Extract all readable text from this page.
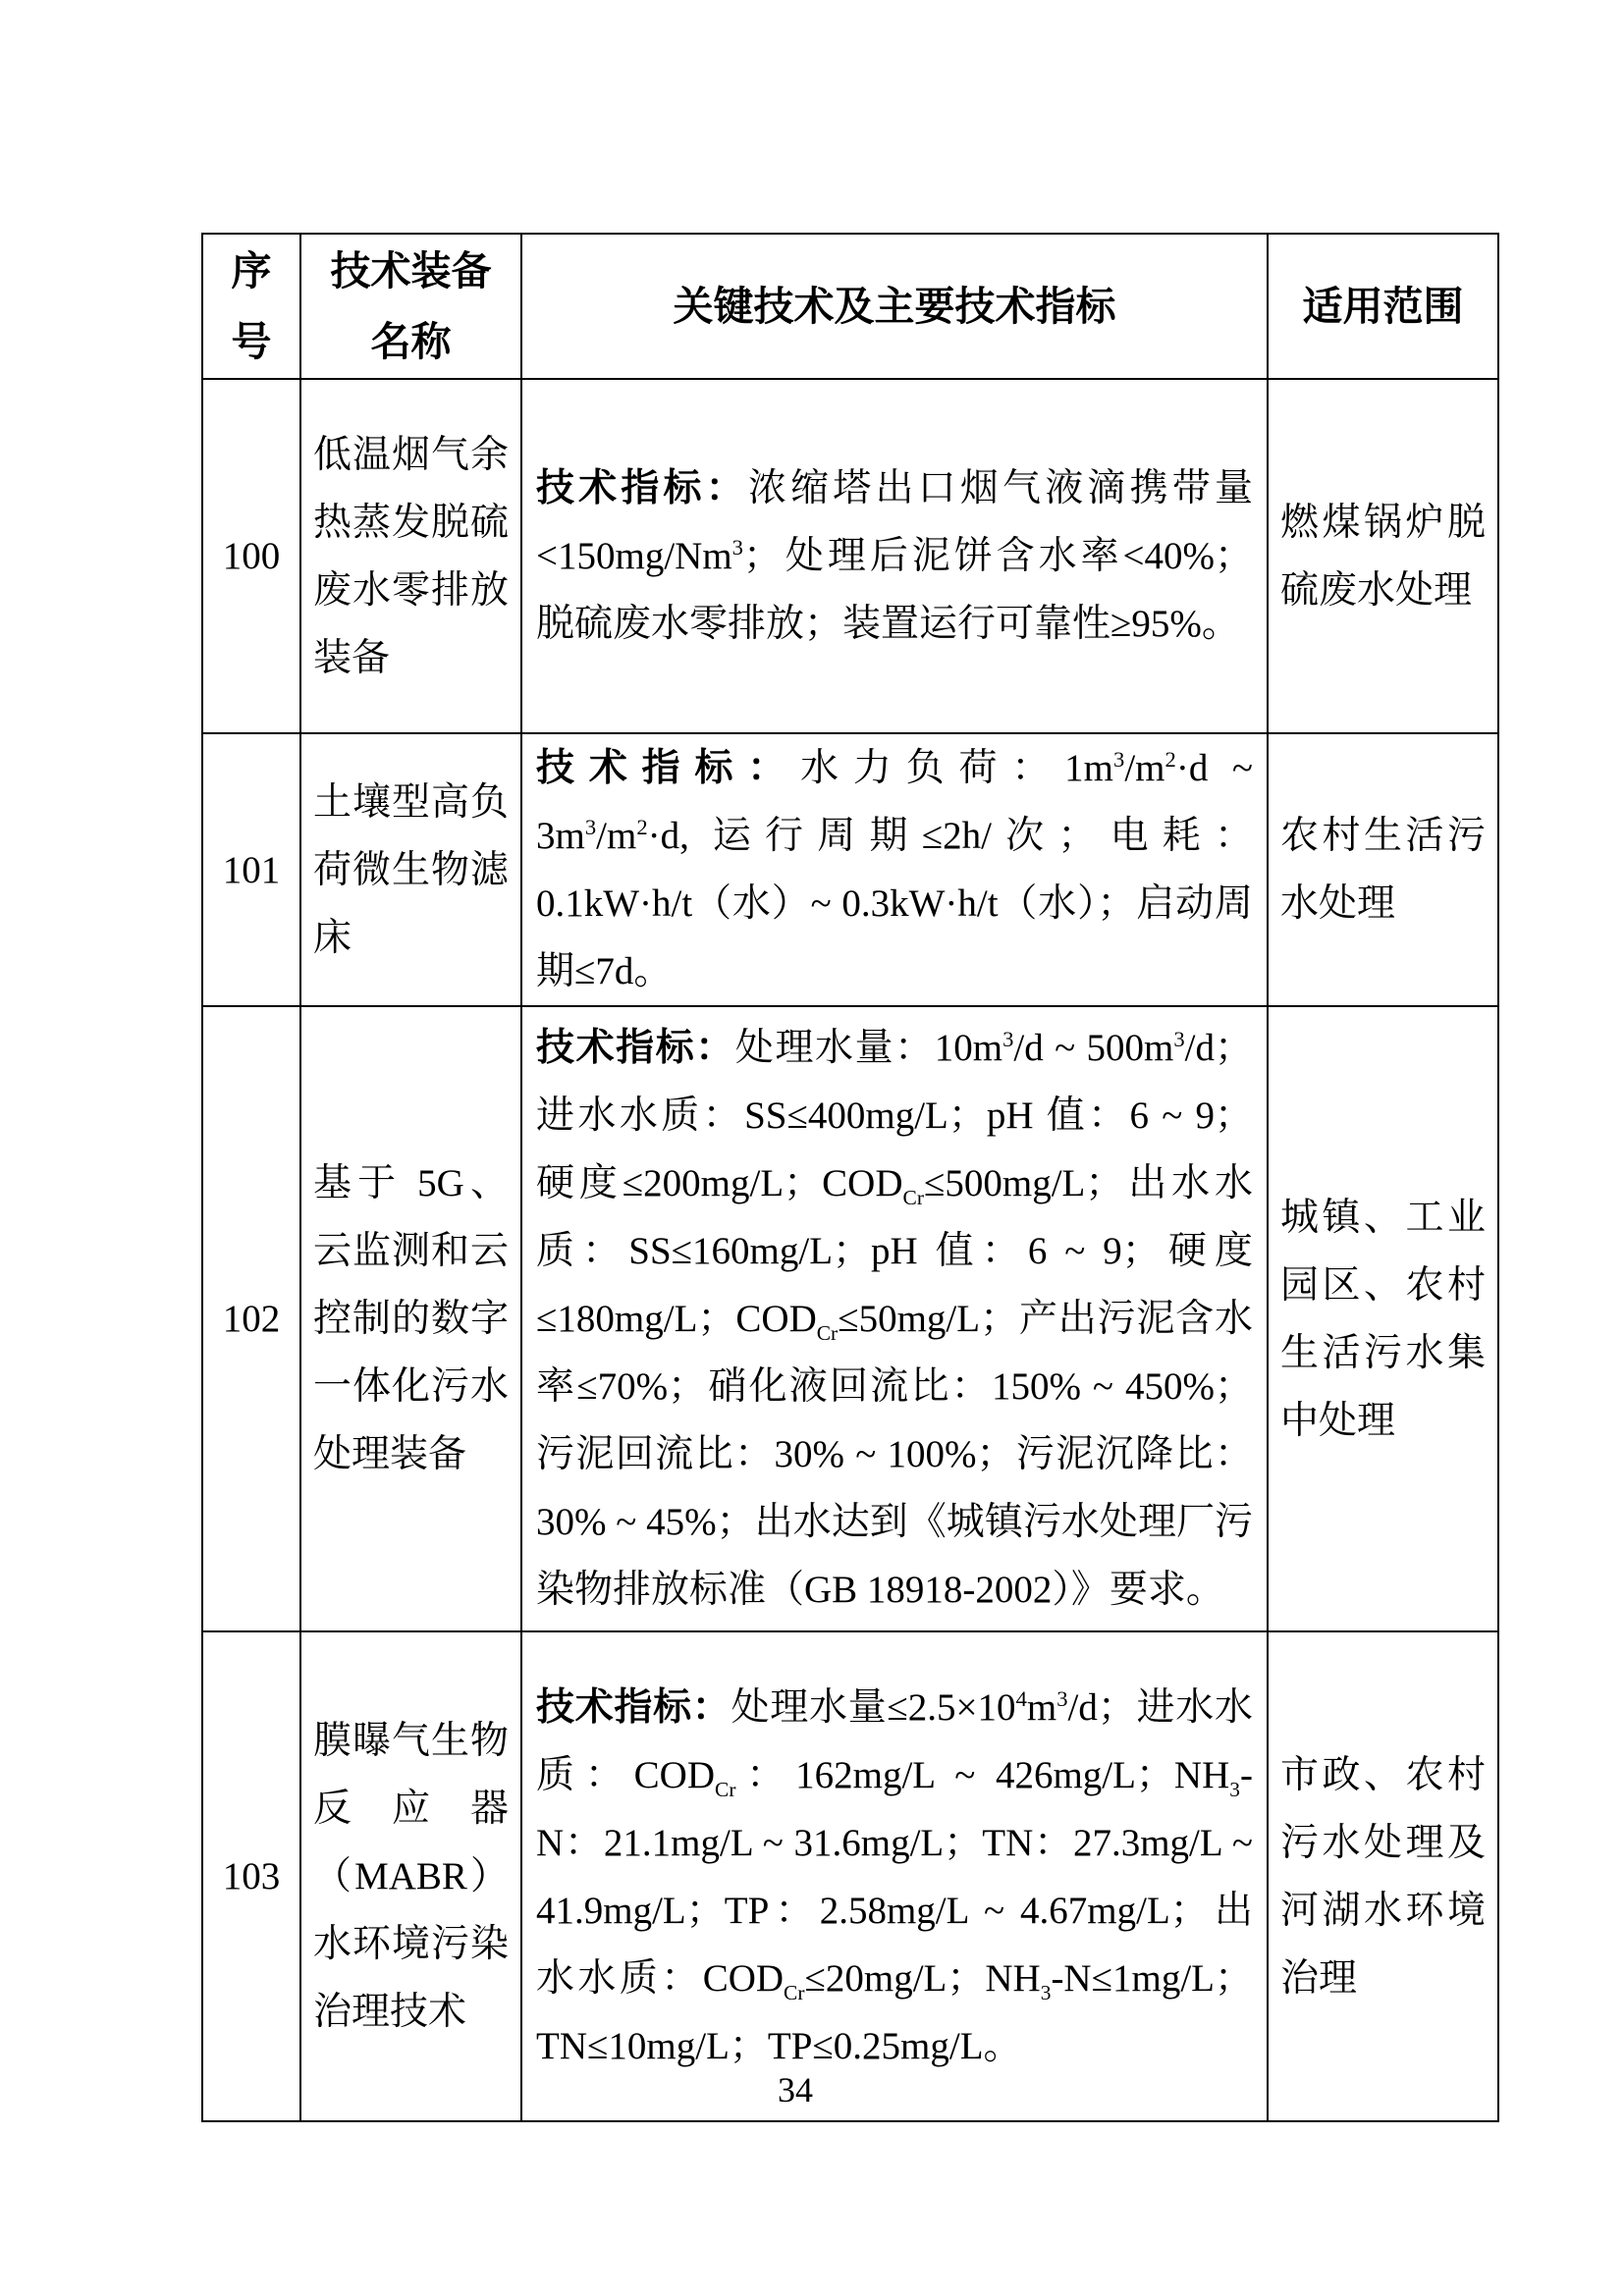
序号	技术装备名称	关键技术及主要技术指标	适用范围
100	低温烟气余热蒸发脱硫废水零排放装备	技术指标：浓缩塔出口烟气液滴携带量$<150mg/Nm^3$；处理后泥饼含水率<40%；脱硫废水零排放；装置运行可靠性≥95%。	燃煤锅炉脱硫废水处理
101	土壤型高负荷微生物滤床	技术指标：水力负荷：$1m^3/m^2\cdot d$ ~ $3m^3/m^2\cdot d$, 运行周期≤2h/次；电耗：0.1kW·h/t（水）~ 0.3kW·h/t（水）；启动周期≤7d。	农村生活污水处理
102	基于 5G、云监测和云控制的数字一体化污水处理装备	技术指标：处理水量：$10m^3/d$ ~ $500m^3/d$；进水水质：SS≤400mg/L；pH 值：6 ~ 9；硬度≤200mg/L；$COD_{Cr}\le 500mg/L$；出水水质：SS≤160mg/L；pH 值：6 ~ 9；硬度≤180mg/L；$COD_{Cr}\le 50mg/L$；产出污泥含水率≤70%；硝化液回流比：150% ~ 450%；污泥回流比：30% ~ 100%；污泥沉降比：30% ~ 45%；出水达到《城镇污水处理厂污染物排放标准（GB 18918-2002）》要求。	城镇、工业园区、农村生活污水集中处理
103	膜曝气生物反应器（MABR）水环境污染治理技术	技术指标：处理水量$\le 2.5\times 10^4m^3/d$；进水水质：$COD_{Cr}$：162mg/L ~ 426mg/L；$NH_3-N$：21.1mg/L ~ 31.6mg/L；TN：27.3mg/L ~ 41.9mg/L；TP：2.58mg/L ~ 4.67mg/L；出水水质：$COD_{Cr}\le 20mg/L$；$NH_3-N\le 1mg/L$；TN≤10mg/L；TP≤0.25mg/L。	市政、农村污水处理及河湖水环境治理
34
